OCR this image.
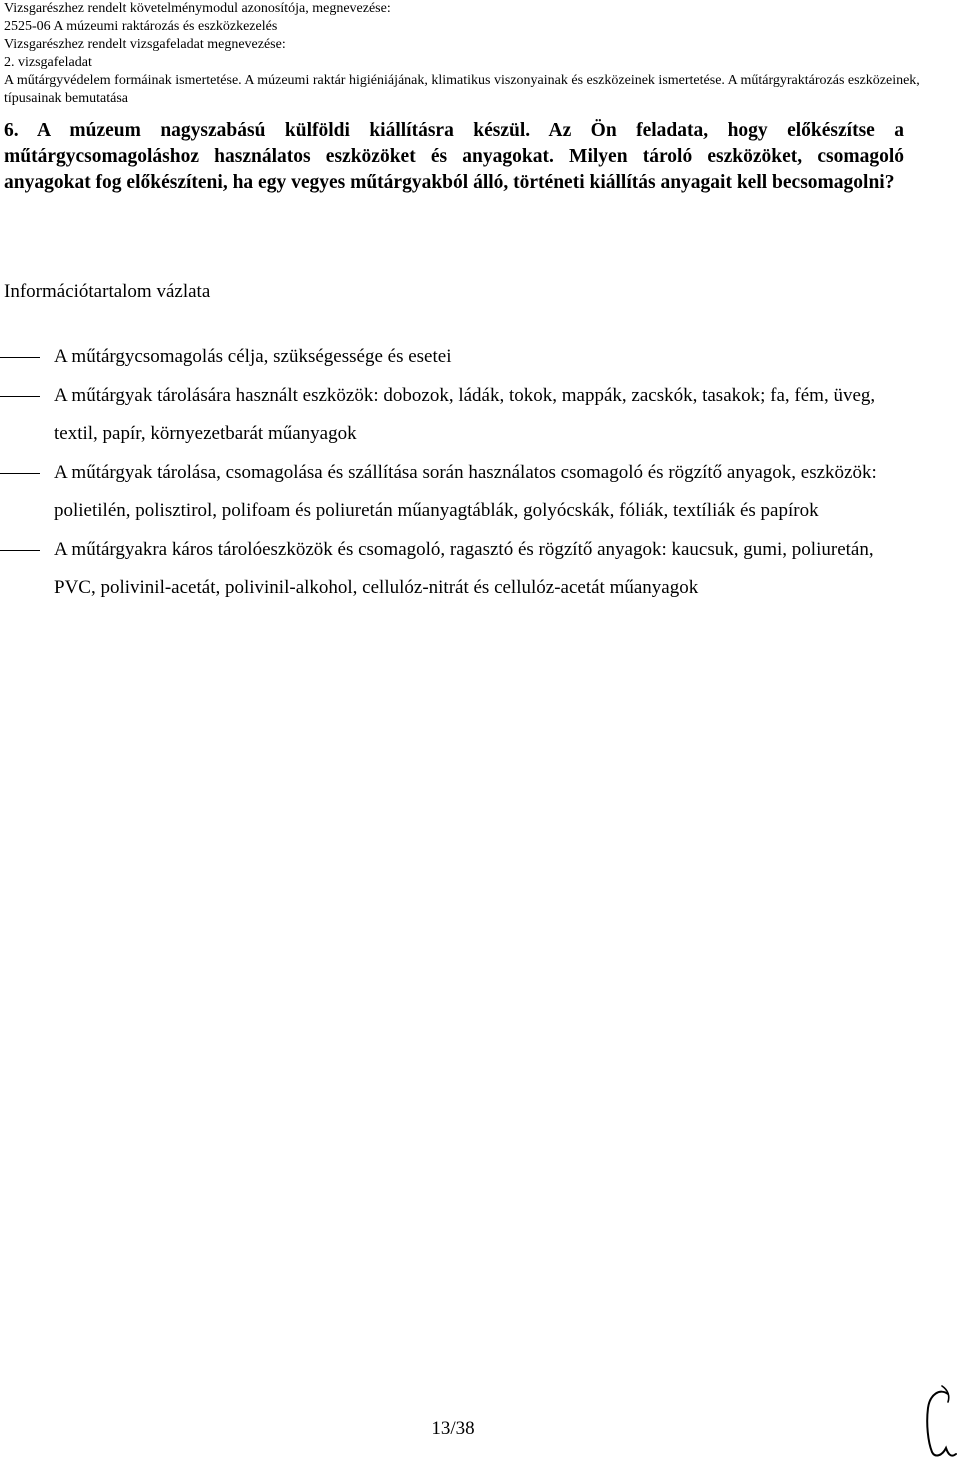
Vizsgarészhez rendelt követelménymodul azonosítója, megnevezése:
2525-06 A múzeumi raktározás és eszközkezelés
Vizsgarészhez rendelt vizsgafeladat megnevezése:
2. vizsgafeladat
A műtárgyvédelem formáinak ismertetése. A múzeumi raktár higiéniájának, klimatikus viszonyainak és eszközeinek ismertetése. A műtárgyraktározás eszközeinek, típusainak bemutatása
6. A múzeum nagyszabású külföldi kiállításra készül. Az Ön feladata, hogy előkészítse a műtárgycsomagoláshoz használatos eszközöket és anyagokat. Milyen tároló eszközöket, csomagoló anyagokat fog előkészíteni, ha egy vegyes műtárgyakból álló, történeti kiállítás anyagait kell becsomagolni?
Információtartalom vázlata
A műtárgycsomagolás célja, szükségessége és esetei
A műtárgyak tárolására használt eszközök: dobozok, ládák, tokok, mappák, zacskók, tasakok; fa, fém, üveg, textil, papír, környezetbarát műanyagok
A műtárgyak tárolása, csomagolása és szállítása során használatos csomagoló és rögzítő anyagok, eszközök: polietilén, polisztirol, polifoam és poliuretán műanyagtáblák, golyócskák, fóliák, textíliák és papírok
A műtárgyakra káros tárolóeszközök és csomagoló, ragasztó és rögzítő anyagok: kaucsuk, gumi, poliuretán, PVC, polivinil-acetát, polivinil-alkohol, cellulóz-nitrát és cellulóz-acetát műanyagok
13/38
